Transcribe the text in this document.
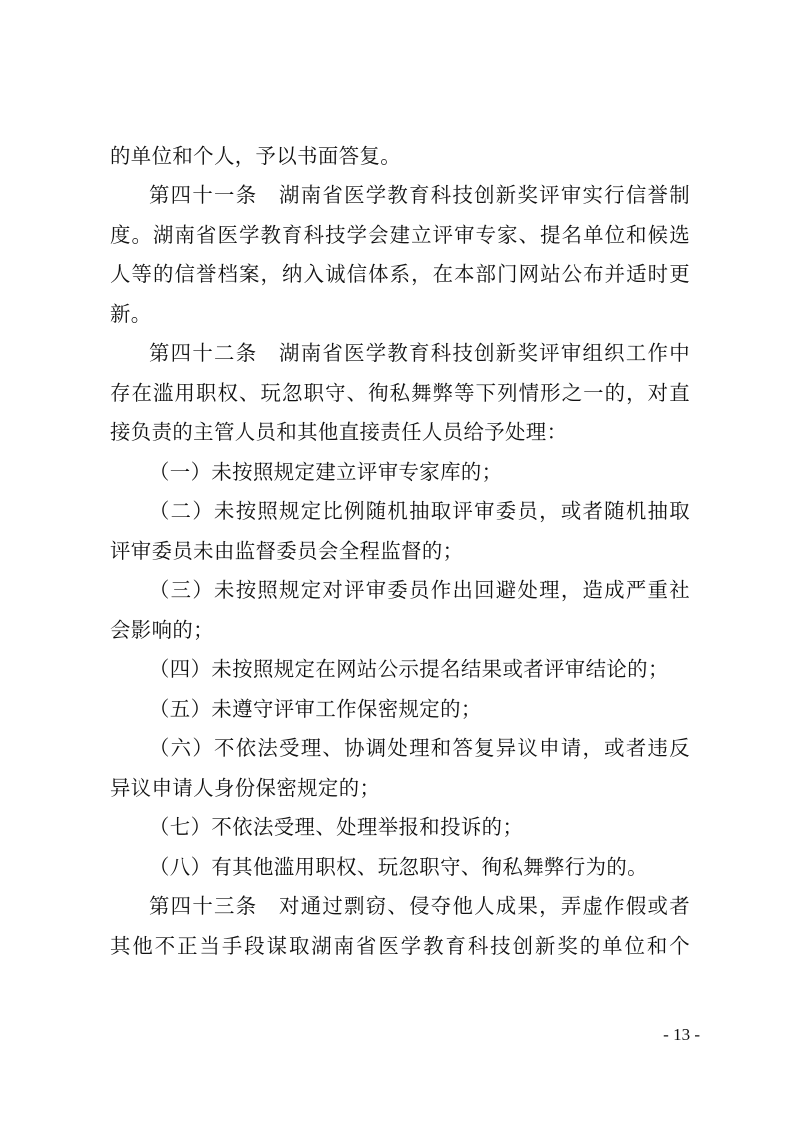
的单位和个人，予以书面答复。
第四十一条　湖南省医学教育科技创新奖评审实行信誉制
度。湖南省医学教育科技学会建立评审专家、提名单位和候选
人等的信誉档案，纳入诚信体系，在本部门网站公布并适时更
新。
第四十二条　湖南省医学教育科技创新奖评审组织工作中
存在滥用职权、玩忽职守、徇私舞弊等下列情形之一的，对直
接负责的主管人员和其他直接责任人员给予处理：
（一）未按照规定建立评审专家库的；
（二）未按照规定比例随机抽取评审委员，或者随机抽取
评审委员未由监督委员会全程监督的；
（三）未按照规定对评审委员作出回避处理，造成严重社
会影响的；
（四）未按照规定在网站公示提名结果或者评审结论的；
（五）未遵守评审工作保密规定的；
（六）不依法受理、协调处理和答复异议申请，或者违反
异议申请人身份保密规定的；
（七）不依法受理、处理举报和投诉的；
（八）有其他滥用职权、玩忽职守、徇私舞弊行为的。
第四十三条　对通过剽窃、侵夺他人成果，弄虚作假或者
其他不正当手段谋取湖南省医学教育科技创新奖的单位和个
- 13 -
